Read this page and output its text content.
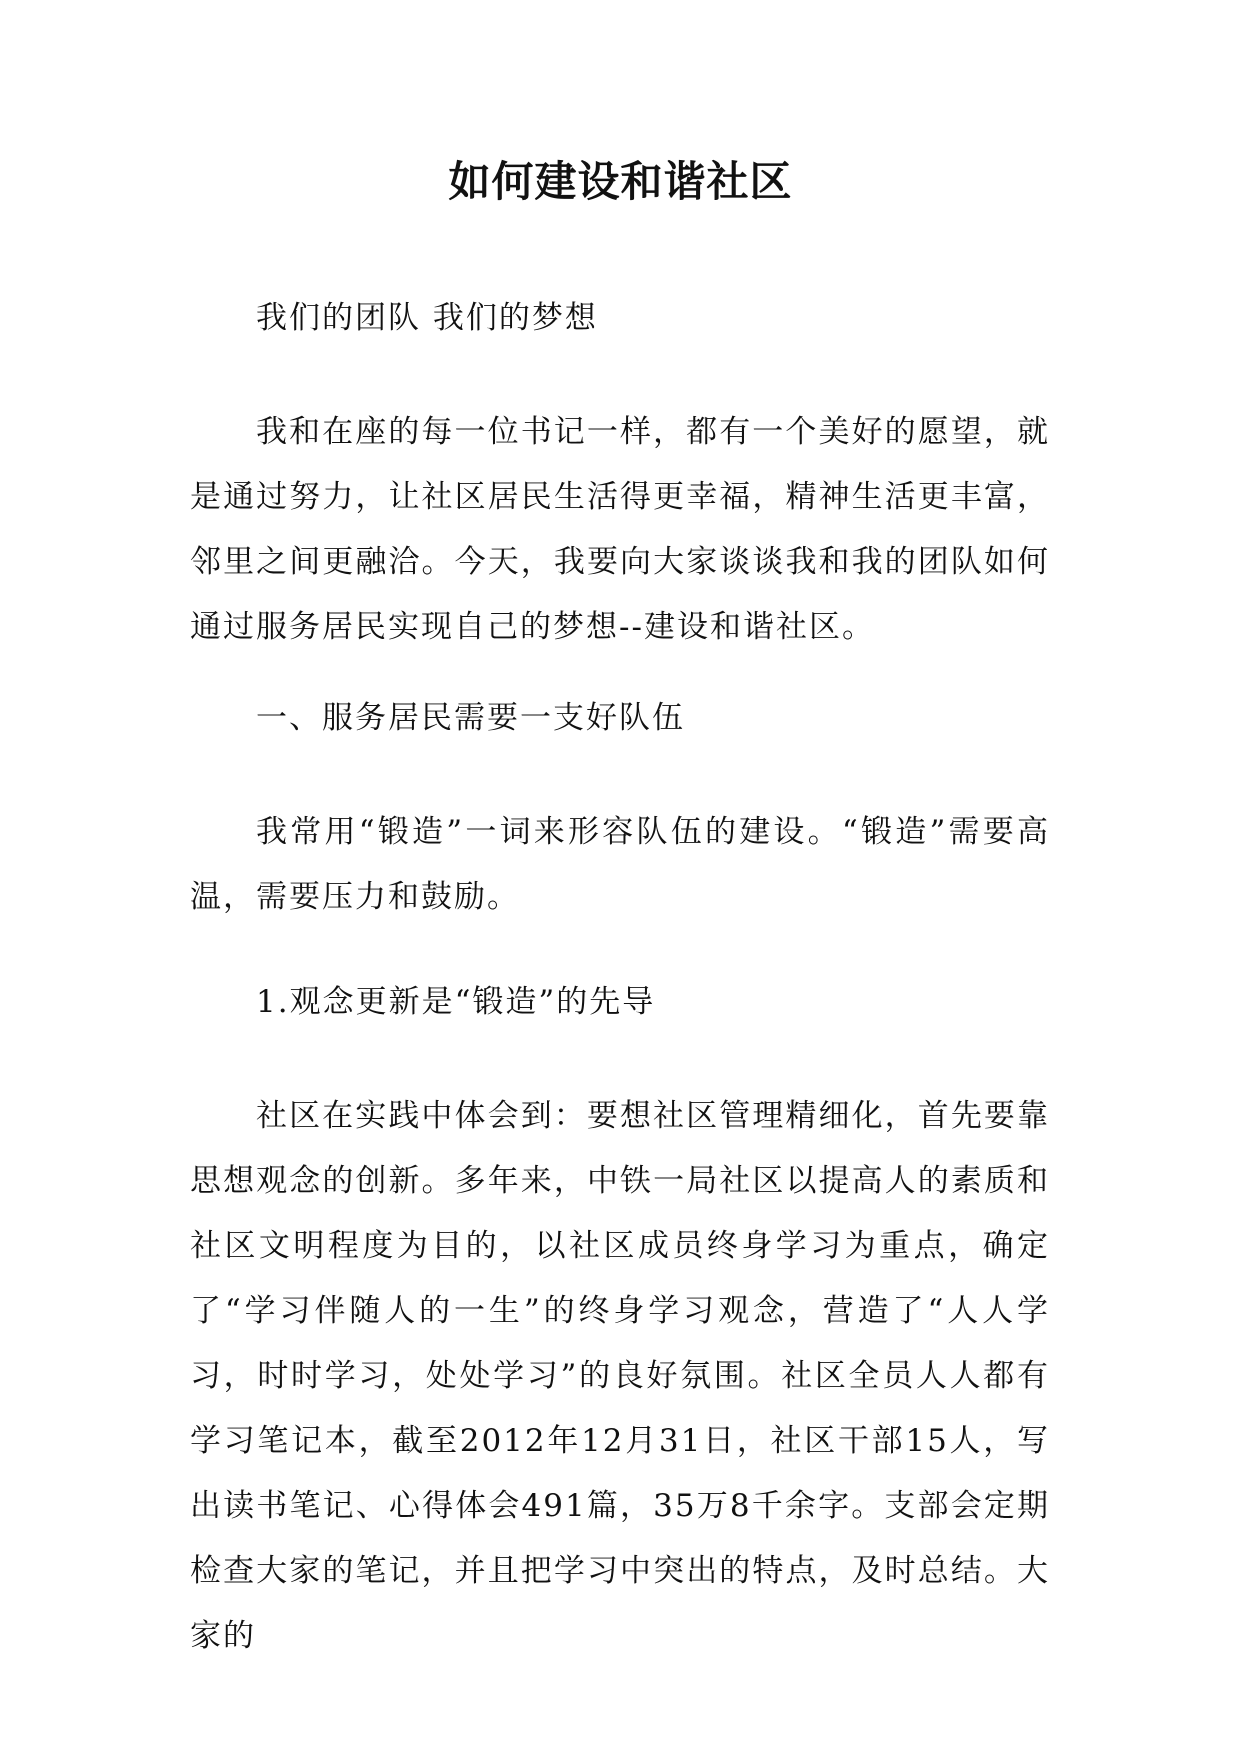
如何建设和谐社区

我们的团队 我们的梦想

我和在座的每一位书记一样，都有一个美好的愿望，就是通过努力，让社区居民生活得更幸福，精神生活更丰富，邻里之间更融洽。今天，我要向大家谈谈我和我的团队如何通过服务居民实现自己的梦想--建设和谐社区。

一、服务居民需要一支好队伍

我常用“锻造”一词来形容队伍的建设。“锻造”需要高温，需要压力和鼓励。

1.观念更新是“锻造”的先导

社区在实践中体会到：要想社区管理精细化，首先要靠思想观念的创新。多年来，中铁一局社区以提高人的素质和社区文明程度为目的，以社区成员终身学习为重点，确定了“学习伴随人的一生”的终身学习观念，营造了“人人学习，时时学习，处处学习”的良好氛围。社区全员人人都有学习笔记本，截至2012年12月31日，社区干部15人，写出读书笔记、心得体会491篇，35万8千余字。支部会定期检查大家的笔记，并且把学习中突出的特点，及时总结。大家的
